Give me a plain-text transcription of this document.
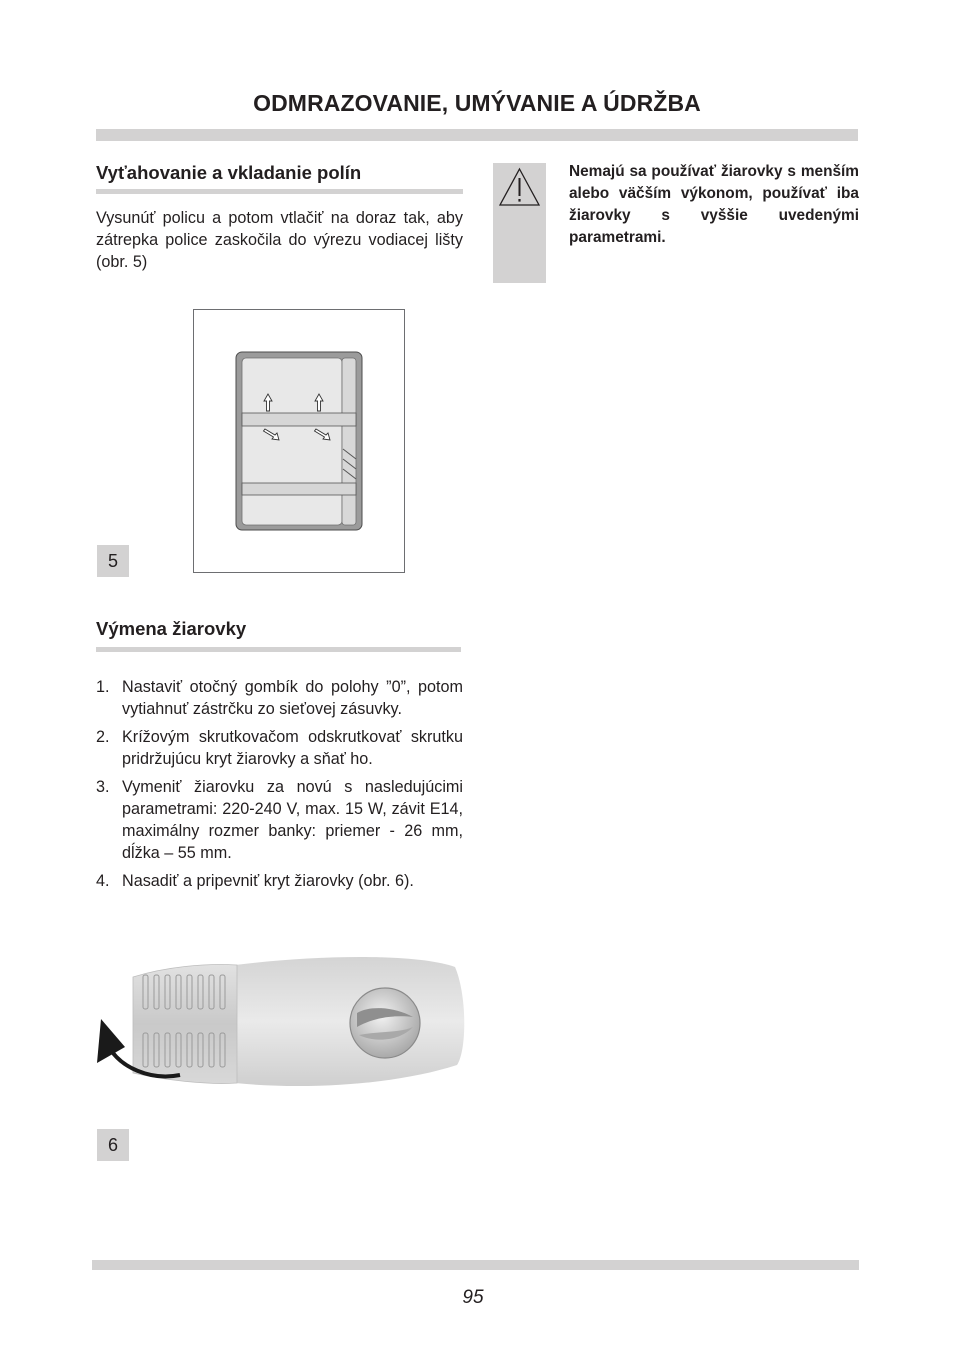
ODMRAZOVANIE, UMÝVANIE A ÚDRŽBA
Vyťahovanie a vkladanie polín
Vysunúť policu a potom vtlačiť na doraz tak, aby zátrepka police zaskočila do výrezu vodiacej lišty (obr. 5)
5
Výmena žiarovky
1. Nastaviť otočný gombík do polohy ”0”, potom vytiahnuť zástrčku zo sieťovej zásuvky.
2. Krížovým skrutkovačom odskrutkovať skrutku pridržujúcu kryt žiarovky a sňať ho.
3. Vymeniť žiarovku za novú s nasledujúcimi parametrami: 220-240 V, max. 15 W, závit E14, maximálny rozmer banky: priemer - 26 mm, dĺžka – 55 mm.
4. Nasadiť a pripevniť kryt žiarovky (obr. 6).
6
Nemajú sa používať žiarovky s menším alebo väčším výkonom, používať iba žiarovky s vyššie uvedenými parametrami.
95
